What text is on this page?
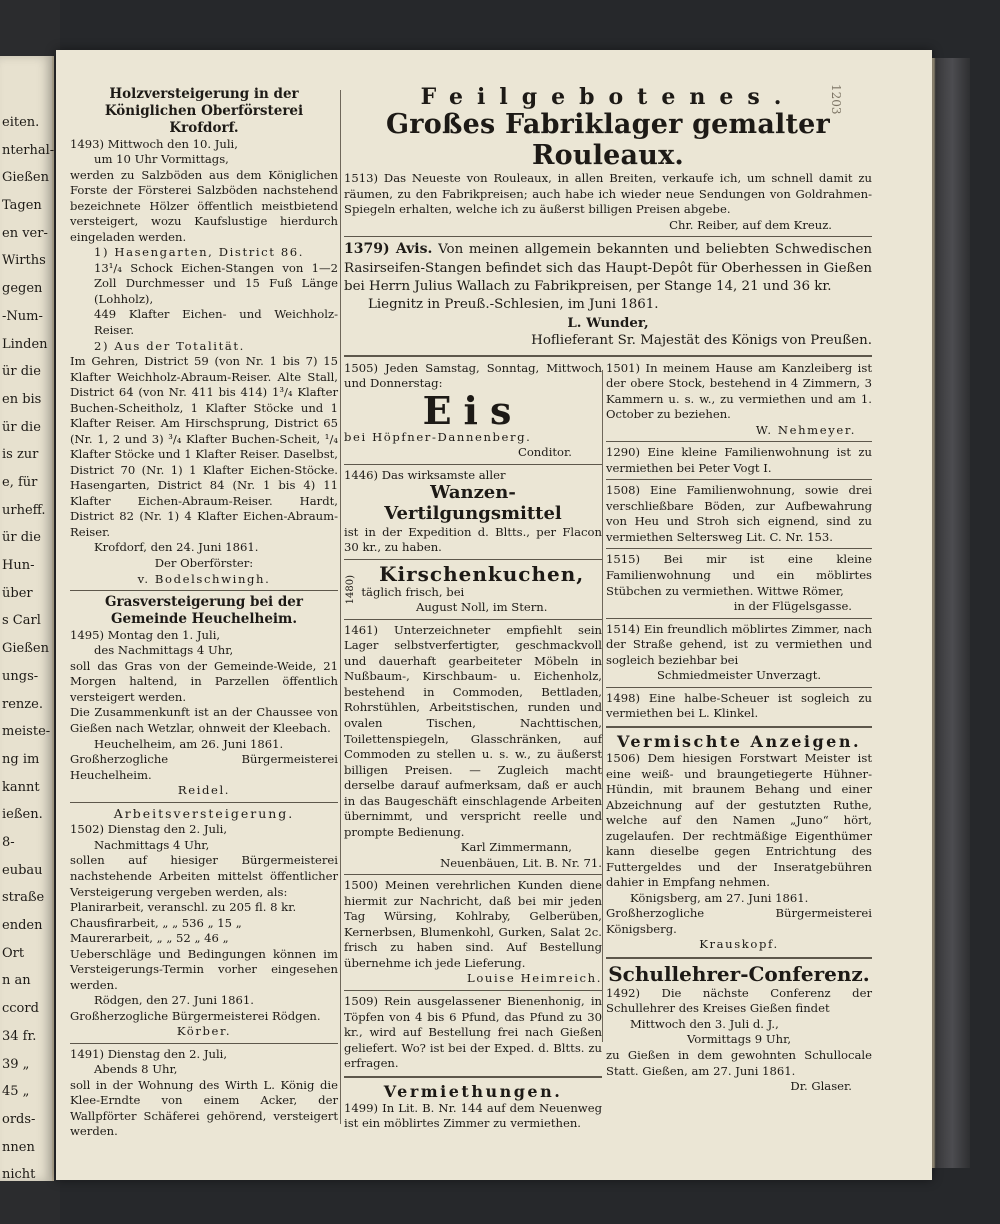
eiten.
nterhal-
Gießen
Tagen
en ver-
Wirths
gegen
-Num-
Linden
ür die
en bis
ür die
is zur
e, für
urheff.
ür die
Hun-
über
s Carl
Gießen
ungs-
renze.
meiste-
ng im
kannt
ießen.
8-
eubau
straße
enden
Ort
n an
ccord
34 fr.
39 „
45 „
ords-
nnen
nicht
1203
Holzversteigerung in der Königlichen Oberförsterei Krofdorf.
1493) Mittwoch den 10. Juli,
um 10 Uhr Vormittags,
werden zu Salzböden aus dem Königlichen Forste der Försterei Salzböden nachstehend bezeichnete Hölzer öffentlich meistbietend versteigert, wozu Kaufslustige hierdurch eingeladen werden.
1) Hasengarten, District 86.
13¹/₄ Schock Eichen-Stangen von 1—2 Zoll Durchmesser und 15 Fuß Länge (Lohholz),
449 Klafter Eichen- und Weichholz-Reiser.
2) Aus der Totalität.
Im Gehren, District 59 (von Nr. 1 bis 7) 15 Klafter Weichholz-Abraum-Reiser. Alte Stall, District 64 (von Nr. 411 bis 414) 1³/₄ Klafter Buchen-Scheitholz, 1 Klafter Stöcke und 1 Klafter Reiser. Am Hirschsprung, District 65 (Nr. 1, 2 und 3) ³/₄ Klafter Buchen-Scheit, ¹/₄ Klafter Stöcke und 1 Klafter Reiser. Daselbst, District 70 (Nr. 1) 1 Klafter Eichen-Stöcke. Hasengarten, District 84 (Nr. 1 bis 4) 11 Klafter Eichen-Abraum-Reiser. Hardt, District 82 (Nr. 1) 4 Klafter Eichen-Abraum-Reiser.
Krofdorf, den 24. Juni 1861.
Der Oberförster:
v. Bodelschwingh.
Grasversteigerung bei der Gemeinde Heuchelheim.
1495) Montag den 1. Juli,
des Nachmittags 4 Uhr,
soll das Gras von der Gemeinde-Weide, 21 Morgen haltend, in Parzellen öffentlich versteigert werden.
Die Zusammenkunft ist an der Chaussee von Gießen nach Wetzlar, ohnweit der Kleebach.
Heuchelheim, am 26. Juni 1861.
Großherzogliche Bürgermeisterei Heuchelheim.
Reidel.
Arbeitsversteigerung.
1502) Dienstag den 2. Juli,
Nachmittags 4 Uhr,
sollen auf hiesiger Bürgermeisterei nachstehende Arbeiten mittelst öffentlicher Versteigerung vergeben werden, als:
Planirarbeit, veranschl. zu 205 fl. 8 kr.
Chausfirarbeit, „ „ 536 „ 15 „
Maurerarbeit, „ „ 52 „ 46 „
Ueberschläge und Bedingungen können im Versteigerungs-Termin vorher eingesehen werden.
Rödgen, den 27. Juni 1861.
Großherzogliche Bürgermeisterei Rödgen.
Körber.
1491) Dienstag den 2. Juli,
Abends 8 Uhr,
soll in der Wohnung des Wirth L. König die Klee-Erndte von einem Acker, der Wallpförter Schäferei gehörend, versteigert werden.
Feilgebotenes.
Großes Fabriklager gemalter Rouleaux.
1513) Das Neueste von Rouleaux, in allen Breiten, verkaufe ich, um schnell damit zu räumen, zu den Fabrikpreisen; auch habe ich wieder neue Sendungen von Goldrahmen-Spiegeln erhalten, welche ich zu äußerst billigen Preisen abgebe.
Chr. Reiber, auf dem Kreuz.
1379) Avis. Von meinen allgemein bekannten und beliebten Schwedischen Rasirseifen-Stangen befindet sich das Haupt-Depôt für Oberhessen in Gießen bei Herrn Julius Wallach zu Fabrikpreisen, per Stange 14, 21 und 36 kr.
Liegnitz in Preuß.-Schlesien, im Juni 1861.
L. Wunder,
Hoflieferant Sr. Majestät des Königs von Preußen.
1505) Jeden Samstag, Sonntag, Mittwoch und Donnerstag:
Eis
bei Höpfner-Dannenberg.
Conditor.
1446) Das wirksamste aller
Wanzen-Vertilgungsmittel
ist in der Expedition d. Bltts., per Flacon 30 kr., zu haben.
1480)
Kirschenkuchen,
täglich frisch, bei
August Noll, im Stern.
1461) Unterzeichneter empfiehlt sein Lager selbstverfertigter, geschmackvoll und dauerhaft gearbeiteter Möbeln in Nußbaum-, Kirschbaum- u. Eichenholz, bestehend in Commoden, Bettladen, Rohrstühlen, Arbeitstischen, runden und ovalen Tischen, Nachttischen, Toilettenspiegeln, Glasschränken, auf Commoden zu stellen u. s. w., zu äußerst billigen Preisen. — Zugleich macht derselbe darauf aufmerksam, daß er auch in das Baugeschäft einschlagende Arbeiten übernimmt, und verspricht reelle und prompte Bedienung.
Karl Zimmermann,
Neuenbäuen, Lit. B. Nr. 71.
1500) Meinen verehrlichen Kunden diene hiermit zur Nachricht, daß bei mir jeden Tag Würsing, Kohlraby, Gelberüben, Kernerbsen, Blumenkohl, Gurken, Salat 2c. frisch zu haben sind. Auf Bestellung übernehme ich jede Lieferung.
Louise Heimreich.
1509) Rein ausgelassener Bienenhonig, in Töpfen von 4 bis 6 Pfund, das Pfund zu 30 kr., wird auf Bestellung frei nach Gießen geliefert. Wo? ist bei der Exped. d. Bltts. zu erfragen.
Vermiethungen.
1499) In Lit. B. Nr. 144 auf dem Neuenweg ist ein möblirtes Zimmer zu vermiethen.
1501) In meinem Hause am Kanzleiberg ist der obere Stock, bestehend in 4 Zimmern, 3 Kammern u. s. w., zu vermiethen und am 1. October zu beziehen.
W. Nehmeyer.
1290) Eine kleine Familienwohnung ist zu vermiethen bei Peter Vogt I.
1508) Eine Familienwohnung, sowie drei verschließbare Böden, zur Aufbewahrung von Heu und Stroh sich eignend, sind zu vermiethen Seltersweg Lit. C. Nr. 153.
1515) Bei mir ist eine kleine Familienwohnung und ein möblirtes Stübchen zu vermiethen. Wittwe Römer,
in der Flügelsgasse.
1514) Ein freundlich möblirtes Zimmer, nach der Straße gehend, ist zu vermiethen und sogleich beziehbar bei
Schmiedmeister Unverzagt.
1498) Eine halbe-Scheuer ist sogleich zu vermiethen bei L. Klinkel.
Vermischte Anzeigen.
1506) Dem hiesigen Forstwart Meister ist eine weiß- und braungetiegerte Hühner-Hündin, mit braunem Behang und einer Abzeichnung auf der gestutzten Ruthe, welche auf den Namen „Juno“ hört, zugelaufen. Der rechtmäßige Eigenthümer kann dieselbe gegen Entrichtung des Futtergeldes und der Inseratgebühren dahier in Empfang nehmen.
Königsberg, am 27. Juni 1861.
Großherzogliche Bürgermeisterei Königsberg.
Krauskopf.
Schullehrer-Conferenz.
1492) Die nächste Conferenz der Schullehrer des Kreises Gießen findet
Mittwoch den 3. Juli d. J.,
Vormittags 9 Uhr,
zu Gießen in dem gewohnten Schullocale Statt. Gießen, am 27. Juni 1861.
Dr. Glaser.
